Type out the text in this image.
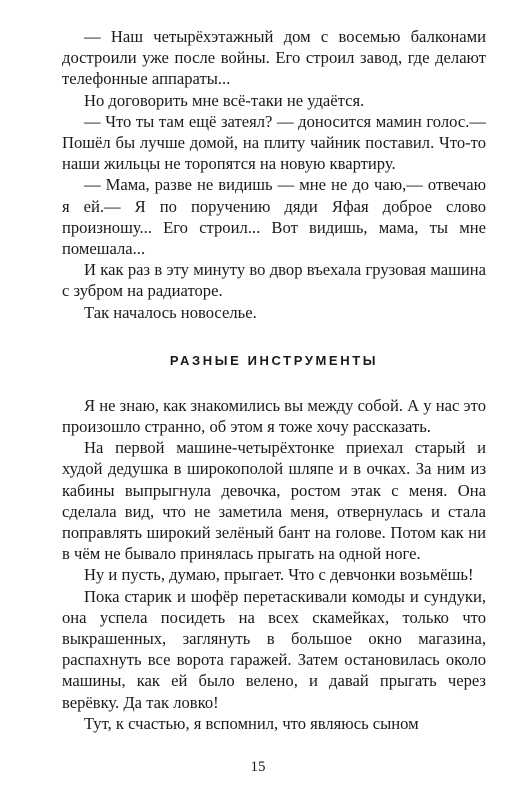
— Наш четырёхэтажный дом с восемью балконами достроили уже после войны. Его строил завод, где делают телефонные аппараты...

Но договорить мне всё-таки не удаётся.

— Что ты там ещё затеял? — доносится мамин голос.— Пошёл бы лучше домой, на плиту чайник поставил. Что-то наши жильцы не торопятся на новую квартиру.

— Мама, разве не видишь — мне не до чаю,— отвечаю я ей.— Я по поручению дяди Яфая доброе слово произношу... Его строил... Вот видишь, мама, ты мне помешала...

И как раз в эту минуту во двор въехала грузовая машина с зубром на радиаторе.

Так началось новоселье.

РАЗНЫЕ ИНСТРУМЕНТЫ

Я не знаю, как знакомились вы между собой. А у нас это произошло странно, об этом я тоже хочу рассказать.

На первой машине-четырёхтонке приехал старый и худой дедушка в широкополой шляпе и в очках. За ним из кабины выпрыгнула девочка, ростом этак с меня. Она сделала вид, что не заметила меня, отвернулась и стала поправлять широкий зелёный бант на голове. Потом как ни в чём не бывало принялась прыгать на одной ноге.

Ну и пусть, думаю, прыгает. Что с девчонки возьмёшь!

Пока старик и шофёр перетаскивали комоды и сундуки, она успела посидеть на всех скамейках, только что выкрашенных, заглянуть в большое окно магазина, распахнуть все ворота гаражей. Затем остановилась около машины, как ей было велено, и давай прыгать через верёвку. Да так ловко!

Тут, к счастью, я вспомнил, что являюсь сыном

15
